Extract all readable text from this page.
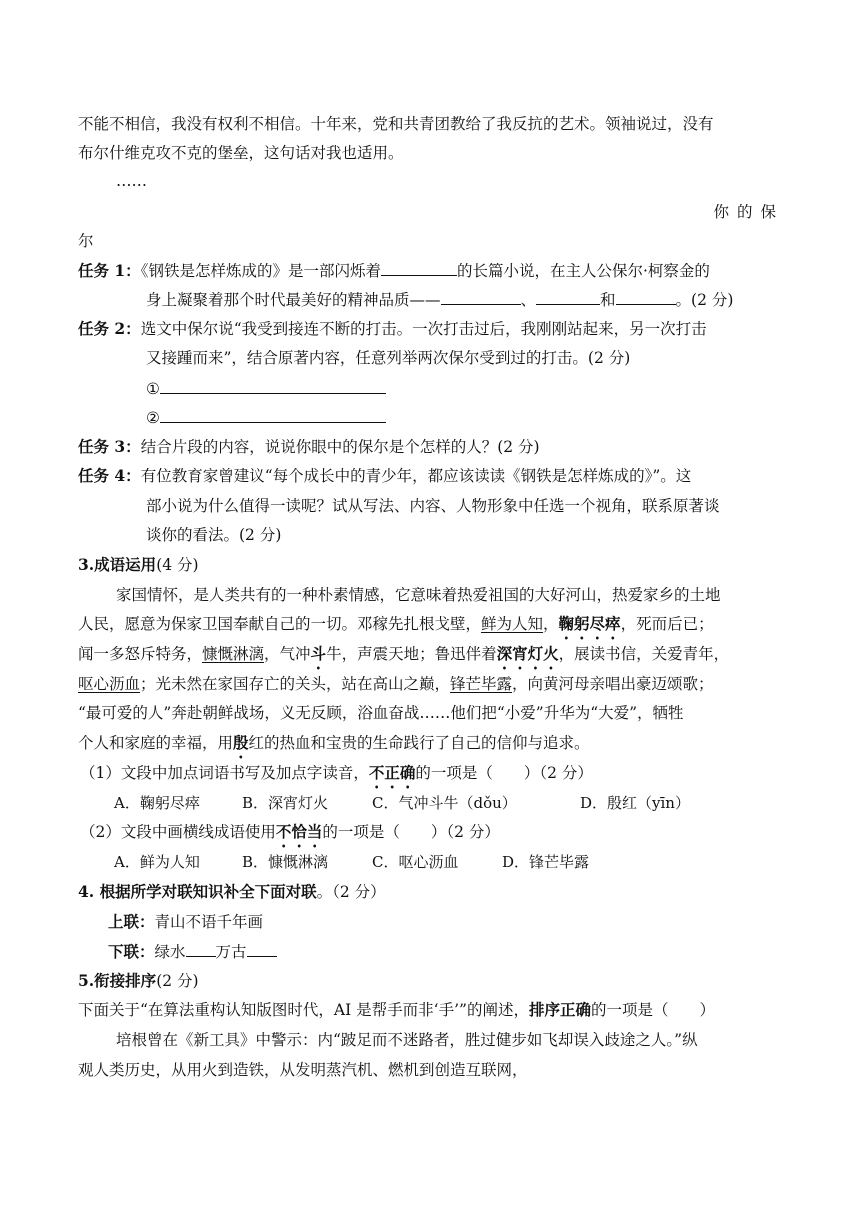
不能不相信，我没有权利不相信。十年来，党和共青团教给了我反抗的艺术。领袖说过，没有
布尔什维克攻不克的堡垒，这句话对我也适用。
……
你的保
尔
任务 1：《钢铁是怎样炼成的》是一部闪烁着	的长篇小说，在主人公保尔·柯察金的
身上凝聚着那个时代最美好的精神品质——	、	和	。(2 分)
任务 2：选文中保尔说“我受到接连不断的打击。一次打击过后，我刚刚站起来，另一次打击
又接踵而来”，结合原著内容，任意列举两次保尔受到过的打击。(2 分)
①
②
任务 3：结合片段的内容，说说你眼中的保尔是个怎样的人？(2 分)
任务 4：有位教育家曾建议“每个成长中的青少年，都应该读读《钢铁是怎样炼成的》”。这
部小说为什么值得一读呢？试从写法、内容、人物形象中任选一个视角，联系原著谈
谈你的看法。(2 分)
3.成语运用(4 分)
家国情怀，是人类共有的一种朴素情感，它意味着热爱祖国的大好河山，热爱家乡的土地
人民，愿意为保家卫国奉献自己的一切。邓稼先扎根戈壁，鲜为人知，鞠躬尽瘁，死而后已；
闻一多怒斥特务，慷慨淋漓，气冲斗牛，声震天地；鲁迅伴着深宵灯火，展读书信，关爱青年，
呕心沥血；光未然在家国存亡的关头，站在高山之巅，锋芒毕露，向黄河母亲唱出豪迈颂歌；
“最可爱的人”奔赴朝鲜战场，义无反顾，浴血奋战……他们把“小爱”升华为“大爱”，牺牲
个人和家庭的幸福，用殷红的热血和宝贵的生命践行了自己的信仰与追求。
（1）文段中加点词语书写及加点字读音，不正确的一项是（　　）（2 分）
A．鞠躬尽瘁	B．深宵灯火	C．气冲斗牛（dǒu）	D．殷红（yīn）
（2）文段中画横线成语使用不恰当的一项是（　　）（2 分）
A．鲜为人知	B．慷慨淋漓	C．呕心沥血	D．锋芒毕露
4. 根据所学对联知识补全下面对联。（2 分）
上联：青山不语千年画
下联：绿水 万古
5.衔接排序(2 分)
下面关于“在算法重构认知版图时代，AI 是帮手而非‘手’”的阐述，排序正确的一项是（　　）
培根曾在《新工具》中警示：内“跛足而不迷路者，胜过健步如飞却误入歧途之人。”纵
观人类历史，从用火到造铁，从发明蒸汽机、燃机到创造互联网，
